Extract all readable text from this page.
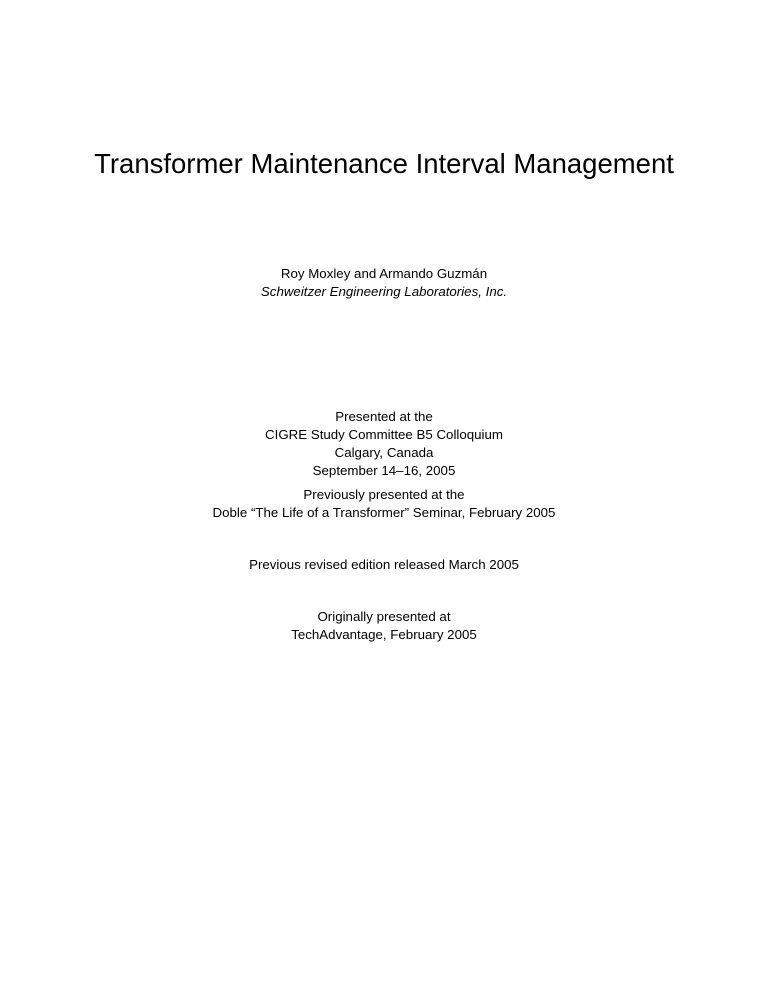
Transformer Maintenance Interval Management
Roy Moxley and Armando Guzmán
Schweitzer Engineering Laboratories, Inc.
Presented at the
CIGRE Study Committee B5 Colloquium
Calgary, Canada
September 14–16, 2005
Previously presented at the
Doble “The Life of a Transformer” Seminar, February 2005
Previous revised edition released March 2005
Originally presented at
TechAdvantage, February 2005
